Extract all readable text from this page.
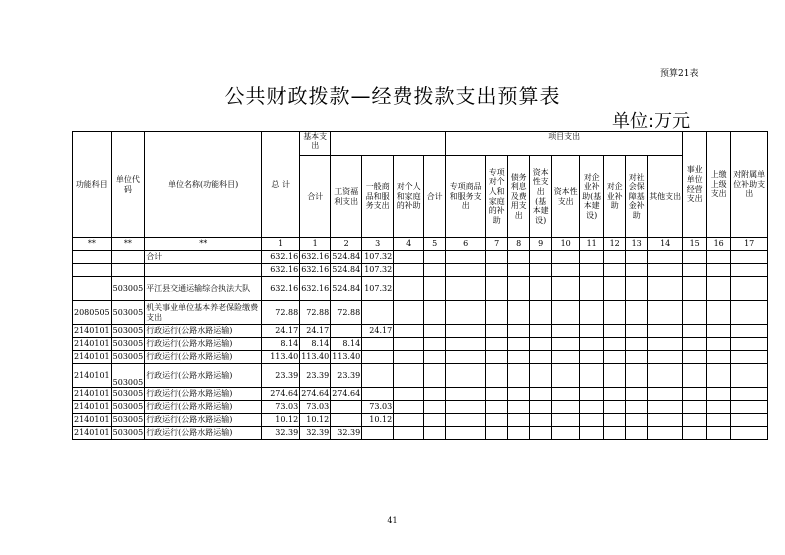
预算21表
公共财政拨款—经费拨款支出预算表
单位:万元
功能科目	单位代码	单位名称(功能科目)	总 计	基本支出					项目支出									事业单位经营支出	上缴上级支出	对附属单位补助支出
				合计	工资福利支出	一般商品和服务支出	对个人和家庭的补助	合计	专项商品和服务支出	专项对个人和家庭的补助	债务利息及费用支出	资本性支出(基本建设)	资本性支出	对企业补助(基本建设)	对企业补助	对社会保障基金补助	其他支出			
**	**	**	1	1	2	3	4	5	6	7	8	9	10	11	12	13	14	15	16	17
		合计	632.16	632.16	524.84	107.32														
			632.16	632.16	524.84	107.32														
	503005	平江县交通运输综合执法大队	632.16	632.16	524.84	107.32														
2080505	503005	机关事业单位基本养老保险缴费支出	72.88	72.88	72.88															
2140101	503005	行政运行(公路水路运输)	24.17	24.17		24.17														
2140101	503005	行政运行(公路水路运输)	8.14	8.14	8.14															
2140101	503005	行政运行(公路水路运输)	113.40	113.40	113.40															
2140101	503005	行政运行(公路水路运输)	23.39	23.39	23.39															
2140101	503005	行政运行(公路水路运输)	274.64	274.64	274.64															
2140101	503005	行政运行(公路水路运输)	73.03	73.03		73.03														
2140101	503005	行政运行(公路水路运输)	10.12	10.12		10.12														
2140101	503005	行政运行(公路水路运输)	32.39	32.39	32.39															
41
